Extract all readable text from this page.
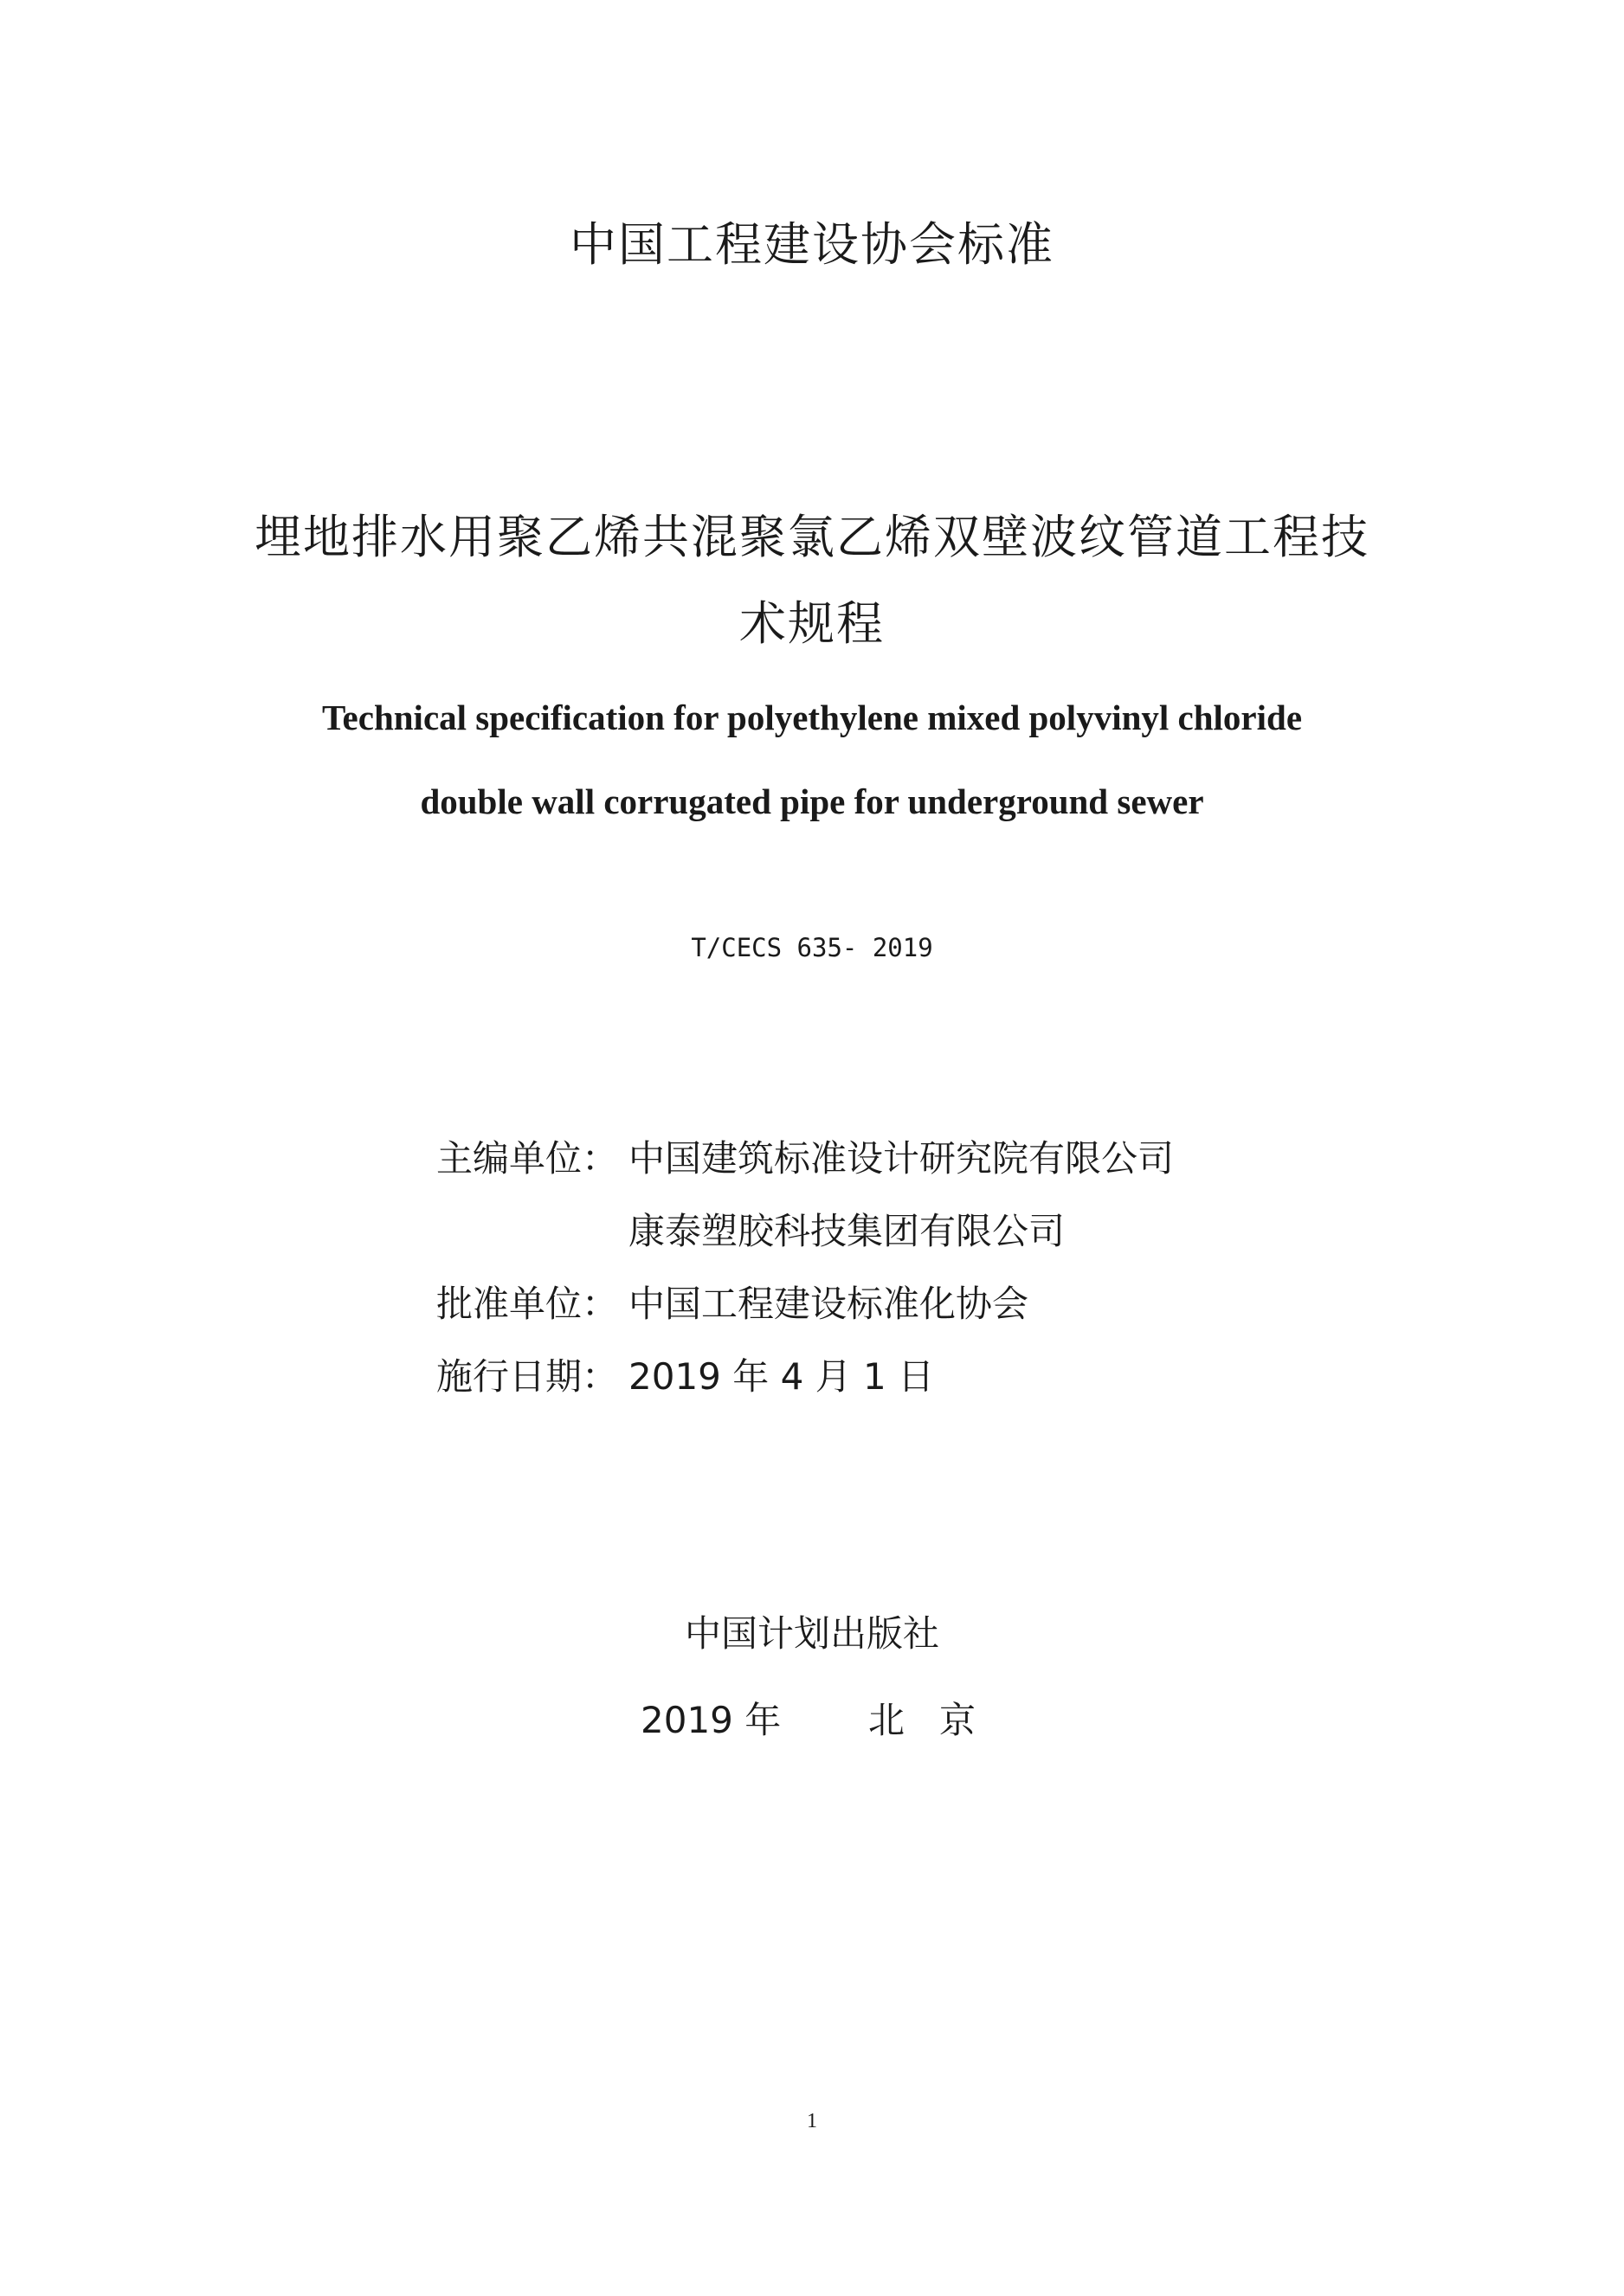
中国工程建设协会标准
埋地排水用聚乙烯共混聚氯乙烯双壁波纹管道工程技
术规程
Technical specification for polyethylene mixed polyvinyl chloride
double wall corrugated pipe for underground sewer
T/CECS 635- 2019
主编单位： 中国建筑标准设计研究院有限公司
康泰塑胶科技集团有限公司
批准单位： 中国工程建设标准化协会
施行日期： 2019 年 4 月 1 日
中国计划出版社
2019 年 北京
1
